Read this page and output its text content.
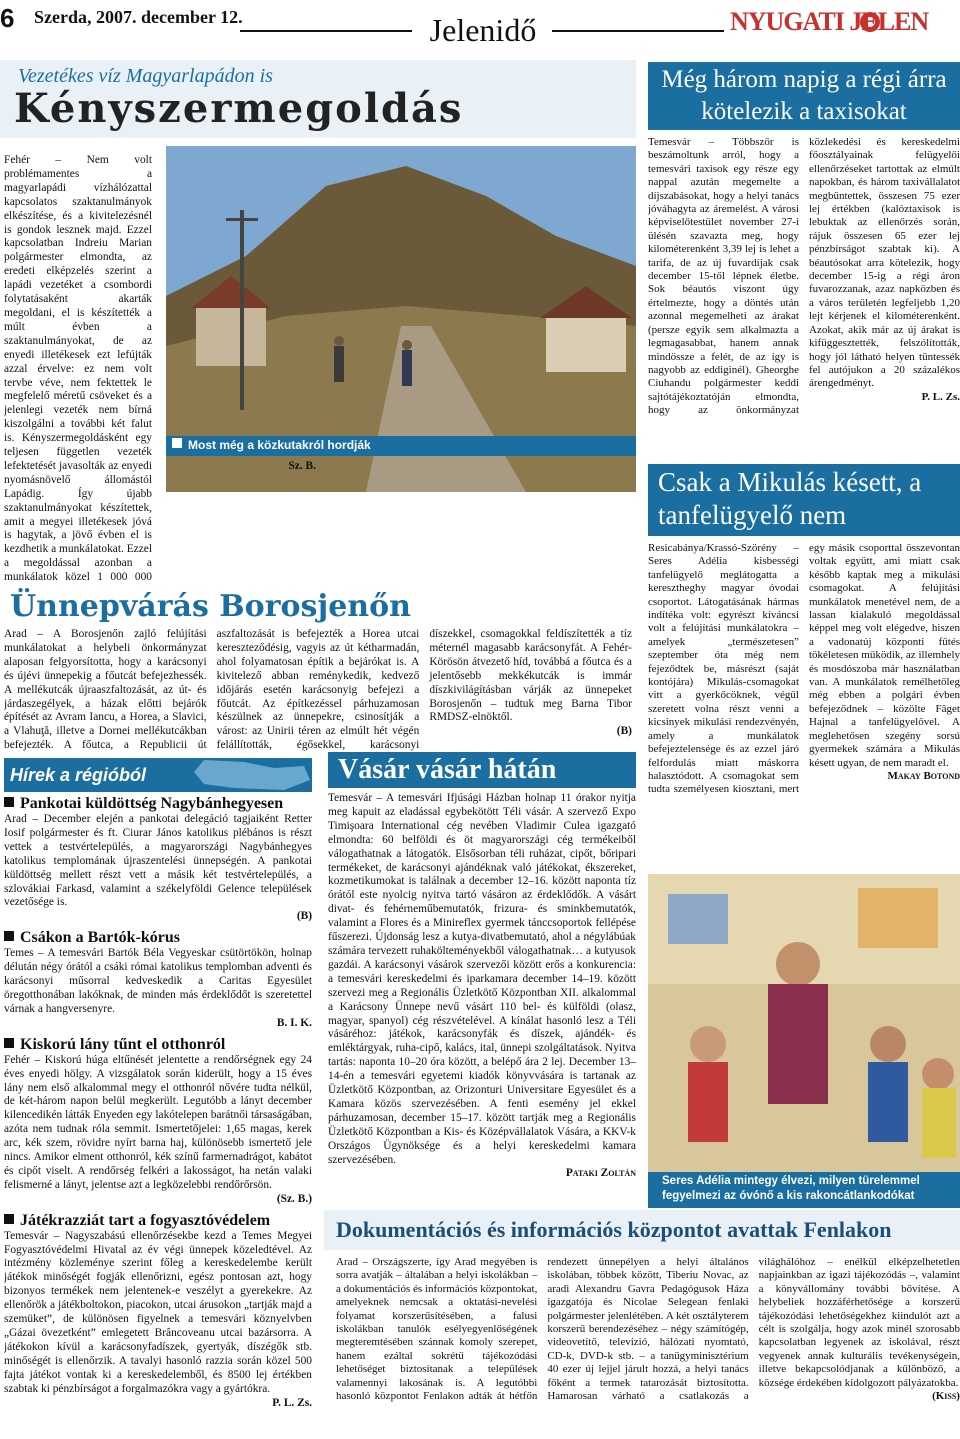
6	Szerda, 2007. december 12.	Jelenidő	NYUGATI JELEN
Vezetékes víz Magyarlapádon is
Kényszermegoldás
Most még a közkutakról hordják
Fehér – Nem volt problémamentes a magyarlapádi vízhálózattal kapcsolatos szaktanulmányok elkészítése, és a kivitelezésnél is gondok lesznek majd. Ezzel kapcsolatban Indreiu Marian polgármester elmondta, az eredeti elképzelés szerint a lapádi vezetéket a csombordi folytatásaként akarták megoldani, el is készítették a múlt évben a szaktanulmányokat, de az enyedi illetékesek ezt lefújták azzal érvelve: ez nem volt tervbe véve, nem fektettek le megfelelő méretű csöveket és a jelenlegi vezeték nem bírná kiszolgálni a további két falut is. Kényszermegoldásként egy teljesen független vezeték lefektetését javasolták az enyedi nyomásnövelő állomástól Lapádig. Így újabb szaktanulmányokat készítettek, amit a megyei illetékesek jóvá is hagytak, a jövő évben el is kezdhetik a munkálatokat. Ezzel a megoldással azonban a munkálatok közel 1 000 000
Sz. B.
Ünnepvárás Borosjenőn
Arad – A Borosjenőn zajló felújítási munkálatokat a helybeli önkormányzat alaposan felgyorsította, hogy a karácsonyi és újévi ünnepekig a főutcát befejezhessék. A mellékutcák újraaszfaltozását, az út- és járdaszegélyek, a házak előtti bejárók építését az Avram Iancu, a Horea, a Slavici, a Vlahuţă, illetve a Dornei mellékutcákban befejezték. A főutca, a Republicii út aszfaltozását is befejezték a Horea utcai kereszteződésig, vagyis az út kétharmadán, ahol folyamatosan építik a bejárókat is. A kivitelező abban reménykedik, kedvező időjárás esetén karácsonyig befejezi a főutcát. Az építkezéssel párhuzamosan készülnek az ünnepekre, csinosítják a várost: az Unirii téren az elmúlt hét végén felállították, égősekkel, karácsonyi díszekkel, csomagokkal feldíszítették a tíz méternél magasabb karácsonyfát. A Fehér-Körösön átvezető híd, továbbá a főutca és a jelentősebb mekkékutcák is immár díszkivilágításban várják az ünnepeket Borosjenőn – tudtuk meg Barna Tibor RMDSZ-elnöktől.
(B)
Hírek a régióból
Pankotai küldöttség Nagybánhegyesen
Arad – December elején a pankotai delegáció tagjaiként Retter Iosif polgármester és ft. Ciurar János katolikus plébános is részt vettek a testvértelepülés, a magyarországi Nagybánhegyes katolikus templomának újraszentelési ünnepségén. A pankotai küldöttség mellett részt vett a másik két testvértelepülés, a szlovákiai Farkasd, valamint a székelyföldi Gelence települések vezetősége is.
(B)
Csákon a Bartók-kórus
Temes – A temesvári Bartók Béla Vegyeskar csütörtökön, holnap délután négy órától a csáki római katolikus templomban adventi és karácsonyi műsorral kedveskedik a Caritas Egyesület öregotthonában lakóknak, de minden más érdeklődőt is szeretettel várnak a hangversenyre.
B. I. K.
Kiskorú lány tűnt el otthonról
Fehér – Kiskorú húga eltűnését jelentette a rendőrségnek egy 24 éves enyedi hölgy. A vizsgálatok során kiderült, hogy a 15 éves lány nem első alkalommal megy el otthonról nővére tudta nélkül, de két-három napon belül megkerült. Legutóbb a lányt december kilencedikén látták Enyeden egy lakótelepen barátnői társaságában, azóta nem tudnak róla semmit. Ismertetőjelei: 1,65 magas, kerek arc, kék szem, rövidre nyírt barna haj, különösebb ismertető jele nincs. Amikor elment otthonról, kék színű farmernadrágot, kabátot és cipőt viselt. A rendőrség felkéri a lakosságot, ha netán valaki felismerné a lányt, jelentse azt a legközelebbi rendőrőrsön.
(Sz. B.)
Játékrazziát tart a fogyasztóvédelem
Temesvár – Nagyszabású ellenőrzésekbe kezd a Temes Megyei Fogyasztóvédelmi Hivatal az év végi ünnepek közeledtével. Az intézmény közleménye szerint főleg a kereskedelembe került játékok minőségét fogják ellenőrizni, egész pontosan azt, hogy bizonyos termékek nem jelentenek-e veszélyt a gyerekekre. Az ellenőrök a játékboltokon, piacokon, utcai árusokon „tartják majd a szemüket”, de különösen figyelnek a temesvári köznyelvben „Gázai övezetként” emlegetett Brâncoveanu utcai bazársorra. A játékokon kívül a karácsonyfadíszek, gyertyák, díszégők stb. minőségét is ellenőrzik. A tavalyi hasonló razzia során közel 500 fajta játékot vontak ki a kereskedelemből, és 8500 lej értékben szabtak ki pénzbírságot a forgalmazókra vagy a gyártókra.
P. L. Zs.
Vásár vásár hátán
Temesvár – A temesvári Ifjúsági Házban holnap 11 órakor nyitja meg kapuit az eladással egybekötött Téli vásár. A szervező Expo Timişoara International cég nevében Vladimir Culea igazgató elmondta: 60 belföldi és öt magyarországi cég termékeiből válogathatnak a látogatók. Elsősorban téli ruházat, cipőt, bőripari termékeket, de karácsonyi ajándéknak való játékokat, ékszereket, kozmetikumokat is találnak a december 12–16. között naponta tíz órától este nyolcig nyitva tartó vásáron az érdeklődők. A vásárt divat- és fehérneműbemutatók, frizura- és sminkbemutatók, valamint a Flores és a Minireflex gyermek tánccsoportok fellépése fűszerezi. Újdonság lesz a kutya-divatbemutató, ahol a négylábúak számára tervezett ruhakölteményekből válogathatnak… a kutyusok gazdái. A karácsonyi vásárok szervezői között erős a konkurencia: a temesvári kereskedelmi és iparkamara december 14–19. között szervezi meg a Regionális Üzletkötő Központban XII. alkalommal a Karácsony Ünnepe nevű vásárt 110 bel- és külföldi (olasz, magyar, spanyol) cég részvételével. A kínálat hasonló lesz a Téli vásáréhoz: játékok, karácsonyfák és díszek, ajándék- és emléktárgyak, ruha-cipő, kalács, ital, ünnepi szolgáltatások. Nyitva tartás: naponta 10–20 óra között, a belépő ára 2 lej. December 13–14-én a temesvári egyetemi kiadók könyvvására is tartanak az Üzletkötő Központban, az Orizonturi Universitare Egyesület és a Kamara közös szervezésében. A fenti esemény jel ekkel párhuzamosan, december 15–17. között tartják meg a Regionális Üzletkötő Központban a Kis- és Középvállalatok Vására, a KKV-k Országos Ügynöksége és a helyi kereskedelmi kamara szervezésében.
Pataki Zoltán
Még három napig a régi árra kötelezik a taxisokat
Temesvár – Többször is beszámoltunk arról, hogy a temesvári taxisok egy része egy nappal azután megemelte a díjszabásokat, hogy a helyi tanács jóváhagyta az áremelést. A városi képviselőtestület november 27-i ülésén szavazta meg, hogy kilométerenként 3,39 lej is lehet a tarifa, de az új fuvardíjak csak december 15-től lépnek életbe. Sok béautós viszont úgy értelmezte, hogy a döntés után azonnal megemelheti az árakat (persze egyik sem alkalmazta a legmagasabbat, hanem annak mindössze a felét, de az így is nagyobb az eddiginél). Gheorghe Ciuhandu polgármester keddi sajtótájékoztatóján elmondta, hogy az önkormányzat közlekedési és kereskedelmi főosztályainak felügyelői ellenőrzéseket tartottak az elmúlt napokban, és három taxivállalatot megbüntettek, összesen 75 ezer lej értékben (kalóztaxisok is lebuktak az ellenőrzés során, rájuk összesen 65 ezer lej pénzbírságot szabtak ki). A béautósokat arra kötelezik, hogy december 15-ig a régi áron fuvarozzanak, azaz napközben és a város területén legfeljebb 1,20 lejt kérjenek el kilométerenként. Azokat, akik már az új árakat is kifüggesztették, felszólították, hogy jól látható helyen tüntessék fel autójukon a 20 százalékos árengedményt.
P. L. Zs.
Csak a Mikulás késett, a tanfelügyelő nem
Resicabánya/Krassó-Szörény – Seres Adélia kisbességi tanfelügyelő meglátogatta a keresztheghy magyar óvodai csoportot. Látogatásának hármas indítéka volt: egyrészt kíváncsi volt a felújítási munkálatokra – amelyek „természetesen” szeptember óta még nem fejeződtek be, másrészt (saját kontójára) Mikulás-csomagokat vitt a gyerkőcöknek, végül szeretett volna részt venni a kicsinyek mikulási rendezvényén, amely a munkálatok befejeztelensége és az ezzel járó felfordulás miatt máskorra halasztódott. A csomagokat sem tudta személyesen kiosztani, mert egy másik csoporttal összevontan voltak együtt, ami miatt csak később kaptak meg a mikulási csomagokat. A felújítási munkálatok menetével nem, de a lassan kialakuló megoldással képpel meg volt elégedve, hiszen a vadonatúj központi fűtés tökéletesen működik, az illemhely és mosdószoba már használatban van. A munkálatok remélhetőleg még ebben a polgári évben befejeződnek – közölte Fâget Hajnal a tanfelügyelővel. A meglehetősen szegény sorsú gyermekek számára a Mikulás késett ugyan, de nem maradt el.
Makay Botond
Seres Adélia mintegy élvezi, milyen türelemmel fegyelmezi az óvónő a kis rakoncátlankodókat
Dokumentációs és információs központot avattak Fenlakon
Arad – Országszerte, így Arad megyében is sorra avatják – általában a helyi iskolákban – a dokumentációs és információs központokat, amelyeknek nemcsak a oktatási-nevelési folyamat korszerűsítésében, a falusi iskolákban tanulók esélyegyenlőségének megteremtésében szánnak komoly szerepet, hanem ezáltal sokrétű tájékozódási lehetőséget biztosítanak a települések valamennyi lakosának is. A legutóbbi hasonló központot Fenlakon adták át hétfőn rendezett ünnepélyen a helyi általános iskolában, többek között, Tiberiu Novac, az aradi Alexandru Gavra Pedagógusok Háza igazgatója és Nicolae Selegean fenlaki polgármester jelenlétében. A két osztályterem korszerű berendezéséhez – négy számítógép, videovetítő, televízió, hálózati nyomtató, CD-k, DVD-k stb. – a tanügyminisztérium 40 ezer új lejjel járult hozzá, a helyi tanács főként a termek tatarozását biztosította. Hamarosan várható a csatlakozás a világhálóhoz – enélkül elképzelhetetlen napjainkban az igazi tájékozódás –, valamint a könyvállomány további bővítése. A helybeliek hozzáférhetősége a korszerű tájékozódási lehetőségekhez kiindulót azt a célt is szolgálja, hogy azok minél szorosabb kapcsolatban legyenek az iskolával, részt vegyenek annak kulturális tevékenységein, illetve bekapcsolódjanak a különböző, a községe érdekében kidolgozott pályázatokba.
(Kiss)
